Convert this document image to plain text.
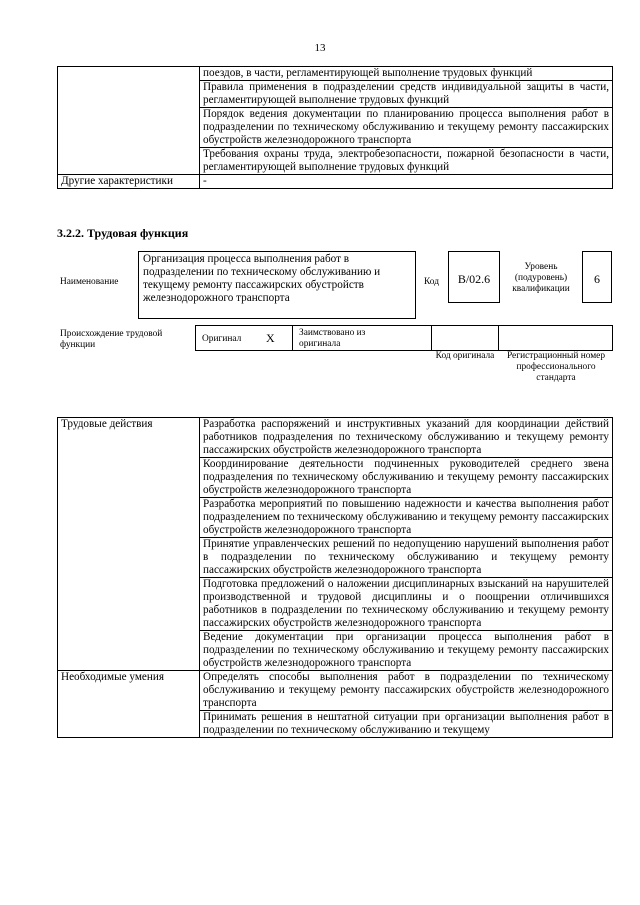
13
	поездов, в части, регламентирующей выполнение трудовых функций
	Правила применения в подразделении средств индивидуальной защиты в части, регламентирующей выполнение трудовых функций
	Порядок ведения документации по планированию процесса выполнения работ в подразделении по техническому обслуживанию и текущему ремонту пассажирских обустройств железнодорожного транспорта
	Требования охраны труда, электробезопасности, пожарной безопасности в части, регламентирующей выполнение трудовых функций
Другие характеристики	-
3.2.2. Трудовая функция
Наименование
Организация процесса выполнения работ в подразделении по техническому обслуживанию и текущему ремонту пассажирских обустройств железнодорожного транспорта
Код	B/02.6
Уровень (подуровень) квалификации
6
Происхождение трудовой функции
Оригинал X	Заимствовано из оригинала
Код оригинала	Регистрационный номер профессионального стандарта
Трудовые действия	Разработка распоряжений и инструктивных указаний для координации действий работников подразделения по техническому обслуживанию и текущему ремонту пассажирских обустройств железнодорожного транспорта
	Координирование деятельности подчиненных руководителей среднего звена подразделения по техническому обслуживанию и текущему ремонту пассажирских обустройств железнодорожного транспорта
	Разработка мероприятий по повышению надежности и качества выполнения работ подразделением по техническому обслуживанию и текущему ремонту пассажирских обустройств железнодорожного транспорта
	Принятие управленческих решений по недопущению нарушений выполнения работ в подразделении по техническому обслуживанию и текущему ремонту пассажирских обустройств железнодорожного транспорта
	Подготовка предложений о наложении дисциплинарных взысканий на нарушителей производственной и трудовой дисциплины и о поощрении отличившихся работников в подразделении по техническому обслуживанию и текущему ремонту пассажирских обустройств железнодорожного транспорта
	Ведение документации при организации процесса выполнения работ в подразделении по техническому обслуживанию и текущему ремонту пассажирских обустройств железнодорожного транспорта
Необходимые умения	Определять способы выполнения работ в подразделении по техническому обслуживанию и текущему ремонту пассажирских обустройств железнодорожного транспорта
	Принимать решения в нештатной ситуации при организации выполнения работ в подразделении по техническому обслуживанию и текущему
